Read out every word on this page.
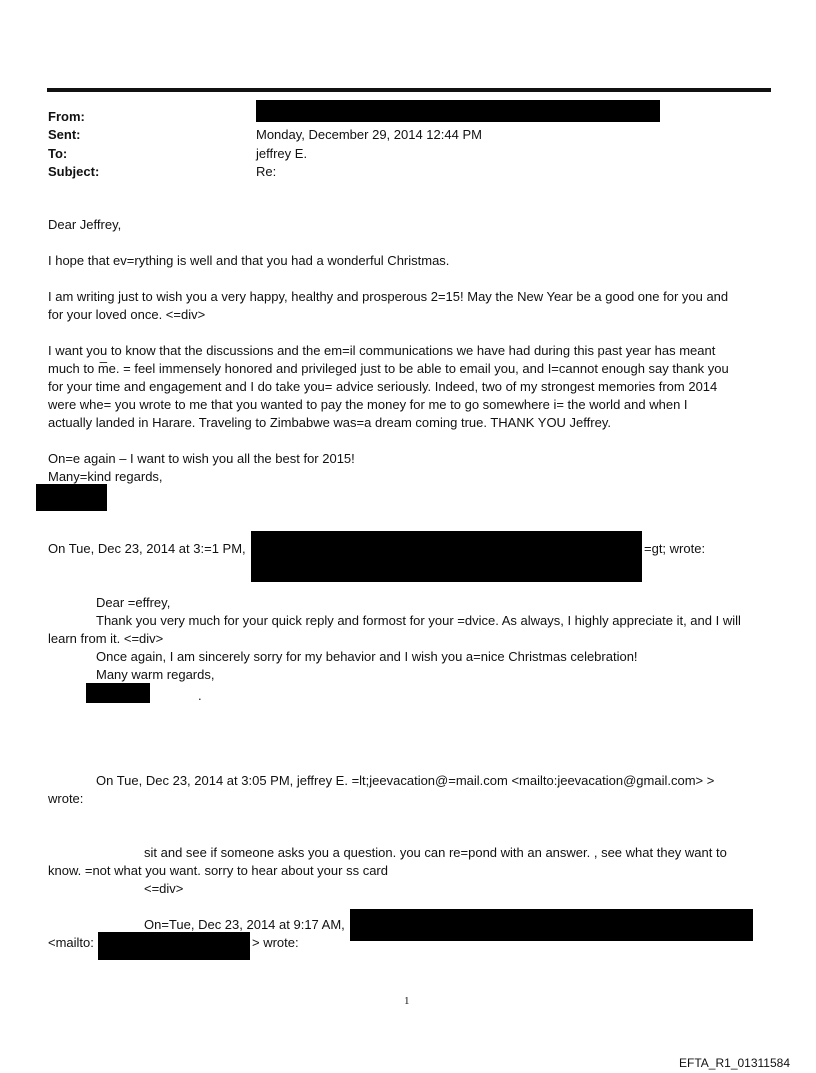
From:
Sent:	Monday, December 29, 2014 12:44 PM
To:	jeffrey E.
Subject:	Re:
Dear Jeffrey,
I hope that ev=rything is well and that you had a wonderful Christmas.
I am writing just to wish you a very happy, healthy and prosperous 2=15! May the New Year be a good one for you and
for your loved once. <=div>
I want you to know that the discussions and the em=il communications we have had during this past year has meant
much to m̅e. = feel immensely honored and privileged just to be able to email you, and I=cannot enough say thank you
for your time and engagement and I do take you= advice seriously. Indeed, two of my strongest memories from 2014
were whe= you wrote to me that you wanted to pay the money for me to go somewhere i= the world and when I
actually landed in Harare. Traveling to Zimbabwe was=a dream coming true. THANK YOU Jeffrey.
On=e again – I want to wish you all the best for 2015!
Many=kind regards,
On Tue, Dec 23, 2014 at 3:=1 PM,	=gt; wrote:
Dear =effrey,
Thank you very much for your quick reply and formost for your =dvice. As always, I highly appreciate it, and I will
learn from it. <=div>
Once again, I am sincerely sorry for my behavior and I wish you a=nice Christmas celebration!
Many warm regards,
.
On Tue, Dec 23, 2014 at 3:05 PM, jeffrey E. =lt;jeevacation@=mail.com <mailto:jeevacation@gmail.com> >
wrote:
sit and see if someone asks you a question. you can re=pond with an answer. , see what they want to
know. =not what you want. sorry to hear about your ss card
<=div>
On=Tue, Dec 23, 2014 at 9:17 AM,
<mailto:	> wrote:
1
EFTA_R1_01311584
